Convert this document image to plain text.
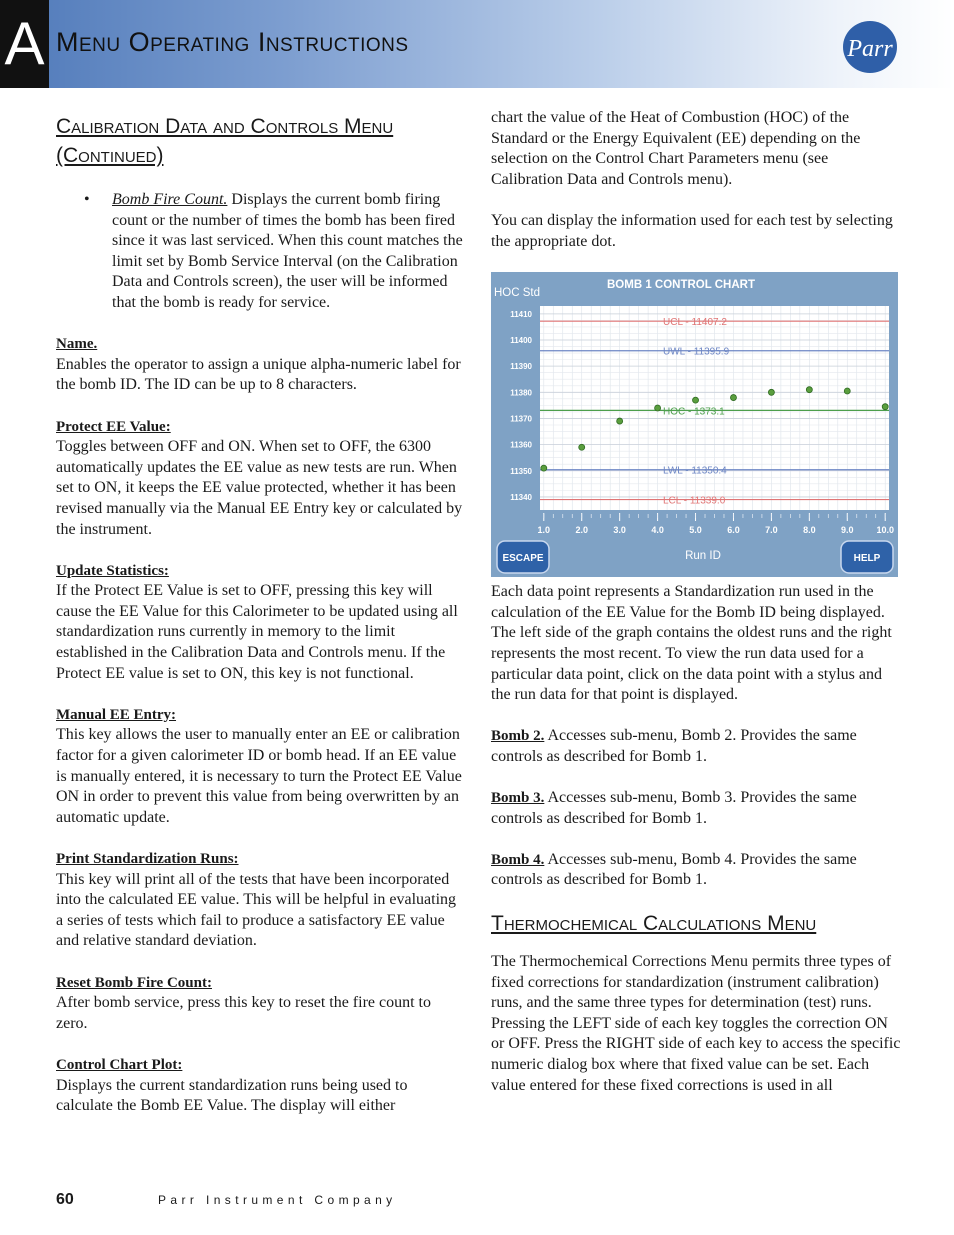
A Menu Operating Instructions	Parr
Calibration Data and Controls Menu (Continued)
• Bomb Fire Count. Displays the current bomb firing count or the number of times the bomb has been fired since it was last serviced. When this count matches the limit set by Bomb Service Interval (on the Calibration Data and Controls screen), the user will be informed that the bomb is ready for service.

Name.
Enables the operator to assign a unique alpha-numeric label for the bomb ID. The ID can be up to 8 characters.

Protect EE Value:
Toggles between OFF and ON. When set to OFF, the 6300 automatically updates the EE value as new tests are run. When set to ON, it keeps the EE value protected, whether it has been revised manually via the Manual EE Entry key or calculated by the instrument.

Update Statistics:
If the Protect EE Value is set to OFF, pressing this key will cause the EE Value for this Calorimeter to be updated using all standardization runs currently in memory to the limit established in the Calibration Data and Controls menu. If the Protect EE value is set to ON, this key is not functional.

Manual EE Entry:
This key allows the user to manually enter an EE or calibration factor for a given calorimeter ID or bomb head. If an EE value is manually entered, it is necessary to turn the Protect EE Value ON in order to prevent this value from being overwritten by an automatic update.

Print Standardization Runs:
This key will print all of the tests that have been incorporated into the calculated EE value. This will be helpful in evaluating a series of tests which fail to produce a satisfactory EE value and relative standard deviation.

Reset Bomb Fire Count:
After bomb service, press this key to reset the fire count to zero.

Control Chart Plot:
Displays the current standardization runs being used to calculate the Bomb EE Value. The display will either

chart the value of the Heat of Combustion (HOC) of the Standard or the Energy Equivalent (EE) depending on the selection on the Control Chart Parameters menu (see Calibration Data and Controls menu).

You can display the information used for each test by selecting the appropriate dot.

Each data point represents a Standardization run used in the calculation of the EE Value for the Bomb ID being displayed. The left side of the graph contains the oldest runs and the right represents the most recent. To view the run data used for a particular data point, click on the data point with a stylus and the run data for that point is displayed.

Bomb 2. Accesses sub-menu, Bomb 2. Provides the same controls as described for Bomb 1.

Bomb 3. Accesses sub-menu, Bomb 3. Provides the same controls as described for Bomb 1.

Bomb 4. Accesses sub-menu, Bomb 4. Provides the same controls as described for Bomb 1.

Thermochemical Calculations Menu

The Thermochemical Corrections Menu permits three types of fixed corrections for standardization (instrument calibration) runs, and the same three types for determination (test) runs. Pressing the LEFT side of each key toggles the correction ON or OFF. Press the RIGHT side of each key to access the specific numeric dialog box where that fixed value can be set. Each value entered for these fixed corrections is used in all

UCL - 11407.2
UWL - 11395.9
HOC - 1373.1
LWL - 11350.4
LCL - 11339.0
11410
11400
11390
11380
11370
11360
11350
11340
1.0	2.0	3.0	4.0	5.0	6.0	7.0	8.0	9.0	10.0
BOMB 1 CONTROL CHART
HOC Std
Run ID
ESCAPE	HELP
60	Parr Instrument Company
